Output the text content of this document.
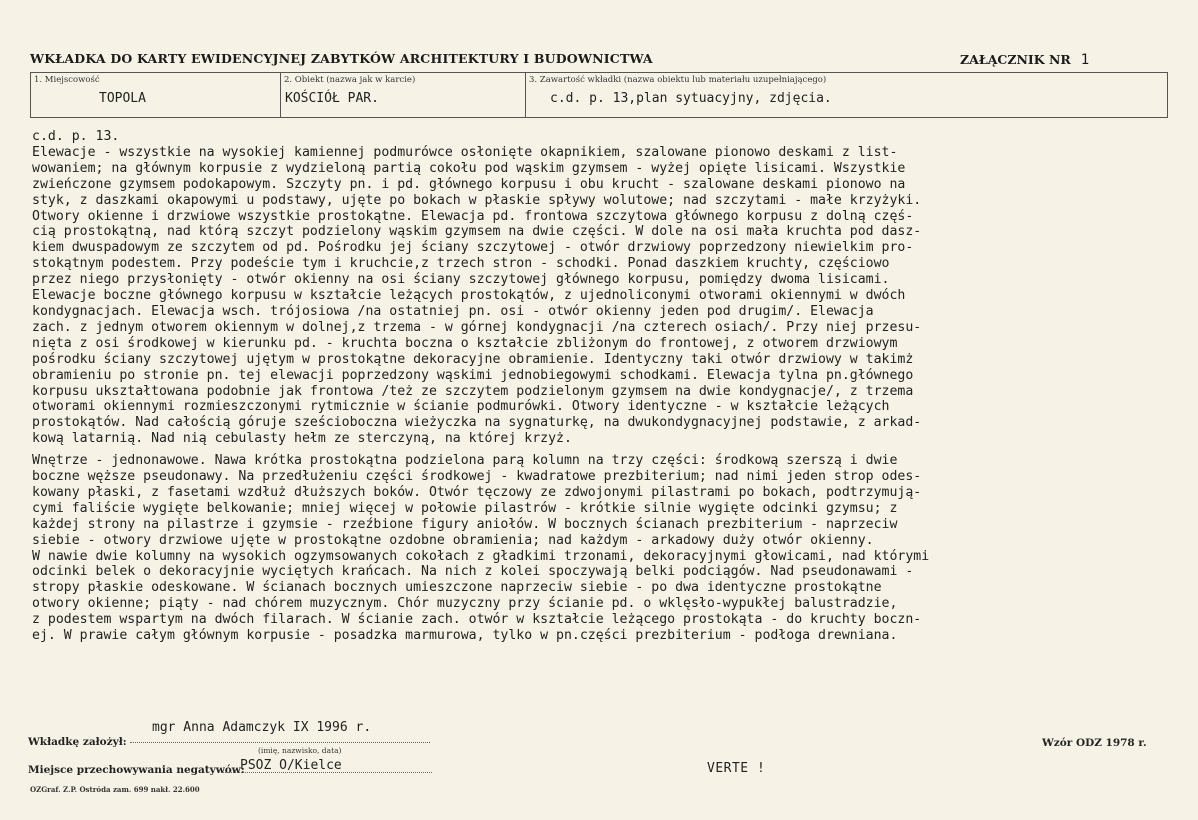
WKŁADKA DO KARTY EWIDENCYJNEJ ZABYTKÓW ARCHITEKTURY I BUDOWNICTWA	ZAŁĄCZNIK NR 1
1. Miejscowość
TOPOLA
2. Obiekt (nazwa jak w karcie)
KOŚCIÓŁ PAR.
3. Zawartość wkładki (nazwa obiektu lub materiału uzupełniającego)
c.d. p. 13,plan sytuacyjny, zdjęcia.

c.d. p. 13.

Elewacje - wszystkie na wysokiej kamiennej podmurówce osłonięte okapnikiem, szalowane pionowo deskami z list-

wowaniem; na głównym korpusie z wydzieloną partią cokołu pod wąskim gzymsem - wyżej opięte lisicami. Wszystkie

zwieńczone gzymsem podokapowym. Szczyty pn. i pd. głównego korpusu i obu krucht - szalowane deskami pionowo na

styk, z daszkami okapowymi u podstawy, ujęte po bokach w płaskie spływy wolutowe; nad szczytami - małe krzyżyki.

Otwory okienne i drzwiowe wszystkie prostokątne. Elewacja pd. frontowa szczytowa głównego korpusu z dolną częś-

cią prostokątną, nad którą szczyt podzielony wąskim gzymsem na dwie części. W dole na osi mała kruchta pod dasz-

kiem dwuspadowym ze szczytem od pd. Pośrodku jej ściany szczytowej - otwór drzwiowy poprzedzony niewielkim pro-

stokątnym podestem. Przy podeście tym i kruchcie,z trzech stron - schodki. Ponad daszkiem kruchty, częściowo

przez niego przysłonięty - otwór okienny na osi ściany szczytowej głównego korpusu, pomiędzy dwoma lisicami.

Elewacje boczne głównego korpusu w kształcie leżących prostokątów, z ujednoliconymi otworami okiennymi w dwóch

kondygnacjach. Elewacja wsch. trójosiowa /na ostatniej pn. osi - otwór okienny jeden pod drugim/. Elewacja

zach. z jednym otworem okiennym w dolnej,z trzema - w górnej kondygnacji /na czterech osiach/. Przy niej przesu-

nięta z osi środkowej w kierunku pd. - kruchta boczna o kształcie zbliżonym do frontowej, z otworem drzwiowym

pośrodku ściany szczytowej ujętym w prostokątne dekoracyjne obramienie. Identyczny taki otwór drzwiowy w takimż

obramieniu po stronie pn. tej elewacji poprzedzony wąskimi jednobiegowymi schodkami. Elewacja tylna pn.głównego

korpusu ukształtowana podobnie jak frontowa /też ze szczytem podzielonym gzymsem na dwie kondygnacje/, z trzema

otworami okiennymi rozmieszczonymi rytmicznie w ścianie podmurówki. Otwory identyczne - w kształcie leżących

prostokątów. Nad całością góruje sześcioboczna wieżyczka na sygnaturkę, na dwukondygnacyjnej podstawie, z arkad-

kową latarnią. Nad nią cebulasty hełm ze sterczyną, na której krzyż.

Wnętrze - jednonawowe. Nawa krótka prostokątna podzielona parą kolumn na trzy części: środkową szerszą i dwie

boczne węższe pseudonawy. Na przedłużeniu części środkowej - kwadratowe prezbiterium; nad nimi jeden strop odes-

kowany płaski, z fasetami wzdłuż dłuższych boków. Otwór tęczowy ze zdwojonymi pilastrami po bokach, podtrzymują-

cymi faliście wygięte belkowanie; mniej więcej w połowie pilastrów - krótkie silnie wygięte odcinki gzymsu; z

każdej strony na pilastrze i gzymsie - rzeźbione figury aniołów. W bocznych ścianach prezbiterium - naprzeciw

siebie - otwory drzwiowe ujęte w prostokątne ozdobne obramienia; nad każdym - arkadowy duży otwór okienny.

W nawie dwie kolumny na wysokich ogzymsowanych cokołach z gładkimi trzonami, dekoracyjnymi głowicami, nad którymi

odcinki belek o dekoracyjnie wyciętych krańcach. Na nich z kolei spoczywają belki podciągów. Nad pseudonawami -

stropy płaskie odeskowane. W ścianach bocznych umieszczone naprzeciw siebie - po dwa identyczne prostokątne

otwory okienne; piąty - nad chórem muzycznym. Chór muzyczny przy ścianie pd. o wklęsło-wypukłej balustradzie,

z podestem wspartym na dwóch filarach. W ścianie zach. otwór w kształcie leżącego prostokąta - do kruchty boczn-

ej. W prawie całym głównym korpusie - posadzka marmurowa, tylko w pn.części prezbiterium - podłoga drewniana.

Wkładkę założył:
mgr Anna Adamczyk IX 1996 r.
(imię, nazwisko, data)
Miejsce przechowywania negatywów:
PSOZ O/Kielce	VERTE !
Wzór ODZ 1978 r.
OZGraf. Z.P. Ostróda zam. 699 nakł. 22.600
